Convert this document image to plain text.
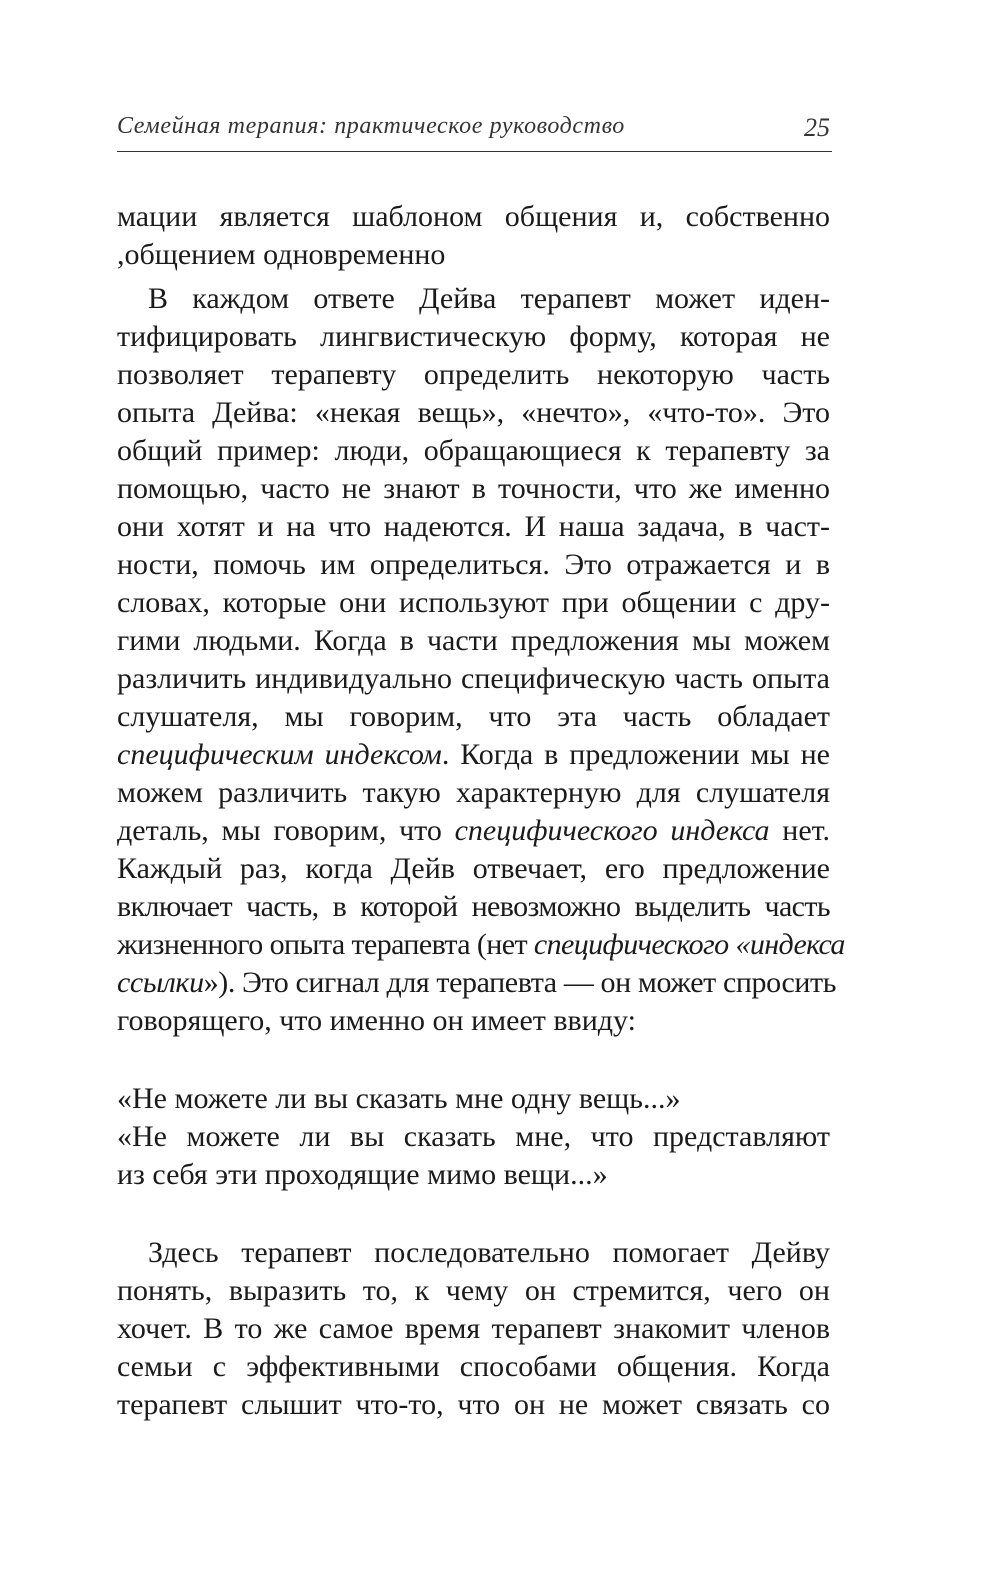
Семейная терапия: практическое руководство	25
мации является шаблоном общения и, собственно
,общением одновременно
В каждом ответе Дейва терапевт может иден-
тифицировать лингвистическую форму, которая не
позволяет терапевту определить некоторую часть
опыта Дейва: «некая вещь», «нечто», «что-то». Это
общий пример: люди, обращающиеся к терапевту за
помощью, часто не знают в точности, что же именно
они хотят и на что надеются. И наша задача, в част-
ности, помочь им определиться. Это отражается и в
словах, которые они используют при общении с дру-
гими людьми. Когда в части предложения мы можем
различить индивидуально специфическую часть опыта
слушателя, мы говорим, что эта часть обладает
специфическим индексом. Когда в предложении мы не
можем различить такую характерную для слушателя
деталь, мы говорим, что специфического индекса нет.
Каждый раз, когда Дейв отвечает, его предложение
включает часть, в которой невозможно выделить часть
жизненного опыта терапевта (нет специфического «индекса
ссылки»). Это сигнал для терапевта — он может спросить
говорящего, что именно он имеет ввиду:
«Не можете ли вы сказать мне одну вещь...»
«Не можете ли вы сказать мне, что представляют
из себя эти проходящие мимо вещи...»
Здесь терапевт последовательно помогает Дейву
понять, выразить то, к чему он стремится, чего он
хочет. В то же самое время терапевт знакомит членов
семьи с эффективными способами общения. Когда
терапевт слышит что-то, что он не может связать со
